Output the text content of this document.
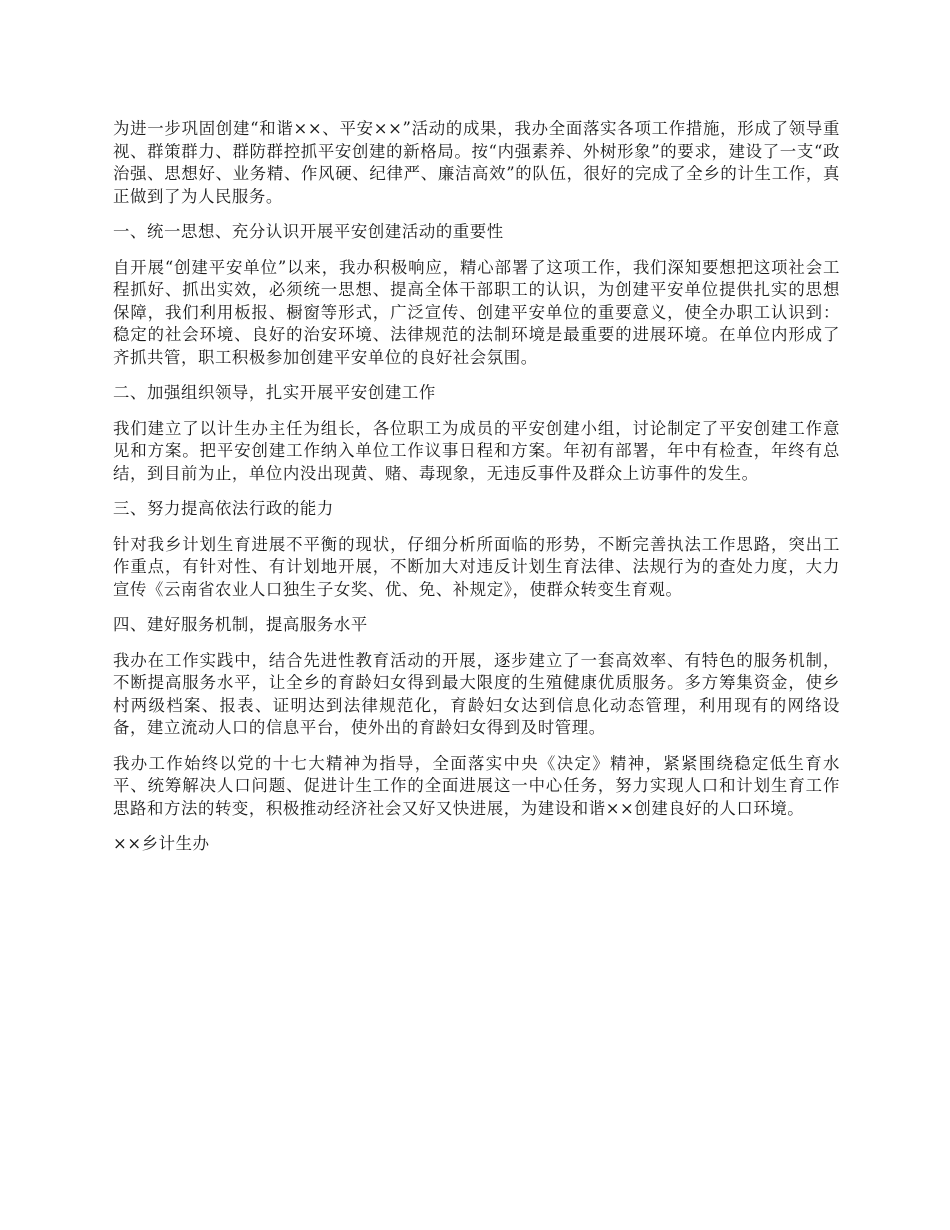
为进一步巩固创建“和谐××、平安××”活动的成果，我办全面落实各项工作措施，形成了领导重视、群策群力、群防群控抓平安创建的新格局。按“内强素养、外树形象”的要求，建设了一支“政治强、思想好、业务精、作风硬、纪律严、廉洁高效”的队伍，很好的完成了全乡的计生工作，真正做到了为人民服务。

一、统一思想、充分认识开展平安创建活动的重要性

自开展“创建平安单位”以来，我办积极响应，精心部署了这项工作，我们深知要想把这项社会工程抓好、抓出实效，必须统一思想、提高全体干部职工的认识，为创建平安单位提供扎实的思想保障，我们利用板报、橱窗等形式，广泛宣传、创建平安单位的重要意义，使全办职工认识到：稳定的社会环境、良好的治安环境、法律规范的法制环境是最重要的进展环境。在单位内形成了齐抓共管，职工积极参加创建平安单位的良好社会氛围。

二、加强组织领导，扎实开展平安创建工作

我们建立了以计生办主任为组长，各位职工为成员的平安创建小组，讨论制定了平安创建工作意见和方案。把平安创建工作纳入单位工作议事日程和方案。年初有部署，年中有检查，年终有总结，到目前为止，单位内没出现黄、赌、毒现象，无违反事件及群众上访事件的发生。

三、努力提高依法行政的能力

针对我乡计划生育进展不平衡的现状，仔细分析所面临的形势，不断完善执法工作思路，突出工作重点，有针对性、有计划地开展，不断加大对违反计划生育法律、法规行为的查处力度，大力宣传《云南省农业人口独生子女奖、优、免、补规定》，使群众转变生育观。

四、建好服务机制，提高服务水平

我办在工作实践中，结合先进性教育活动的开展，逐步建立了一套高效率、有特色的服务机制，不断提高服务水平，让全乡的育龄妇女得到最大限度的生殖健康优质服务。多方筹集资金，使乡村两级档案、报表、证明达到法律规范化，育龄妇女达到信息化动态管理，利用现有的网络设备，建立流动人口的信息平台，使外出的育龄妇女得到及时管理。

我办工作始终以党的十七大精神为指导，全面落实中央《决定》精神，紧紧围绕稳定低生育水平、统筹解决人口问题、促进计生工作的全面进展这一中心任务，努力实现人口和计划生育工作思路和方法的转变，积极推动经济社会又好又快进展，为建设和谐××创建良好的人口环境。

××乡计生办
